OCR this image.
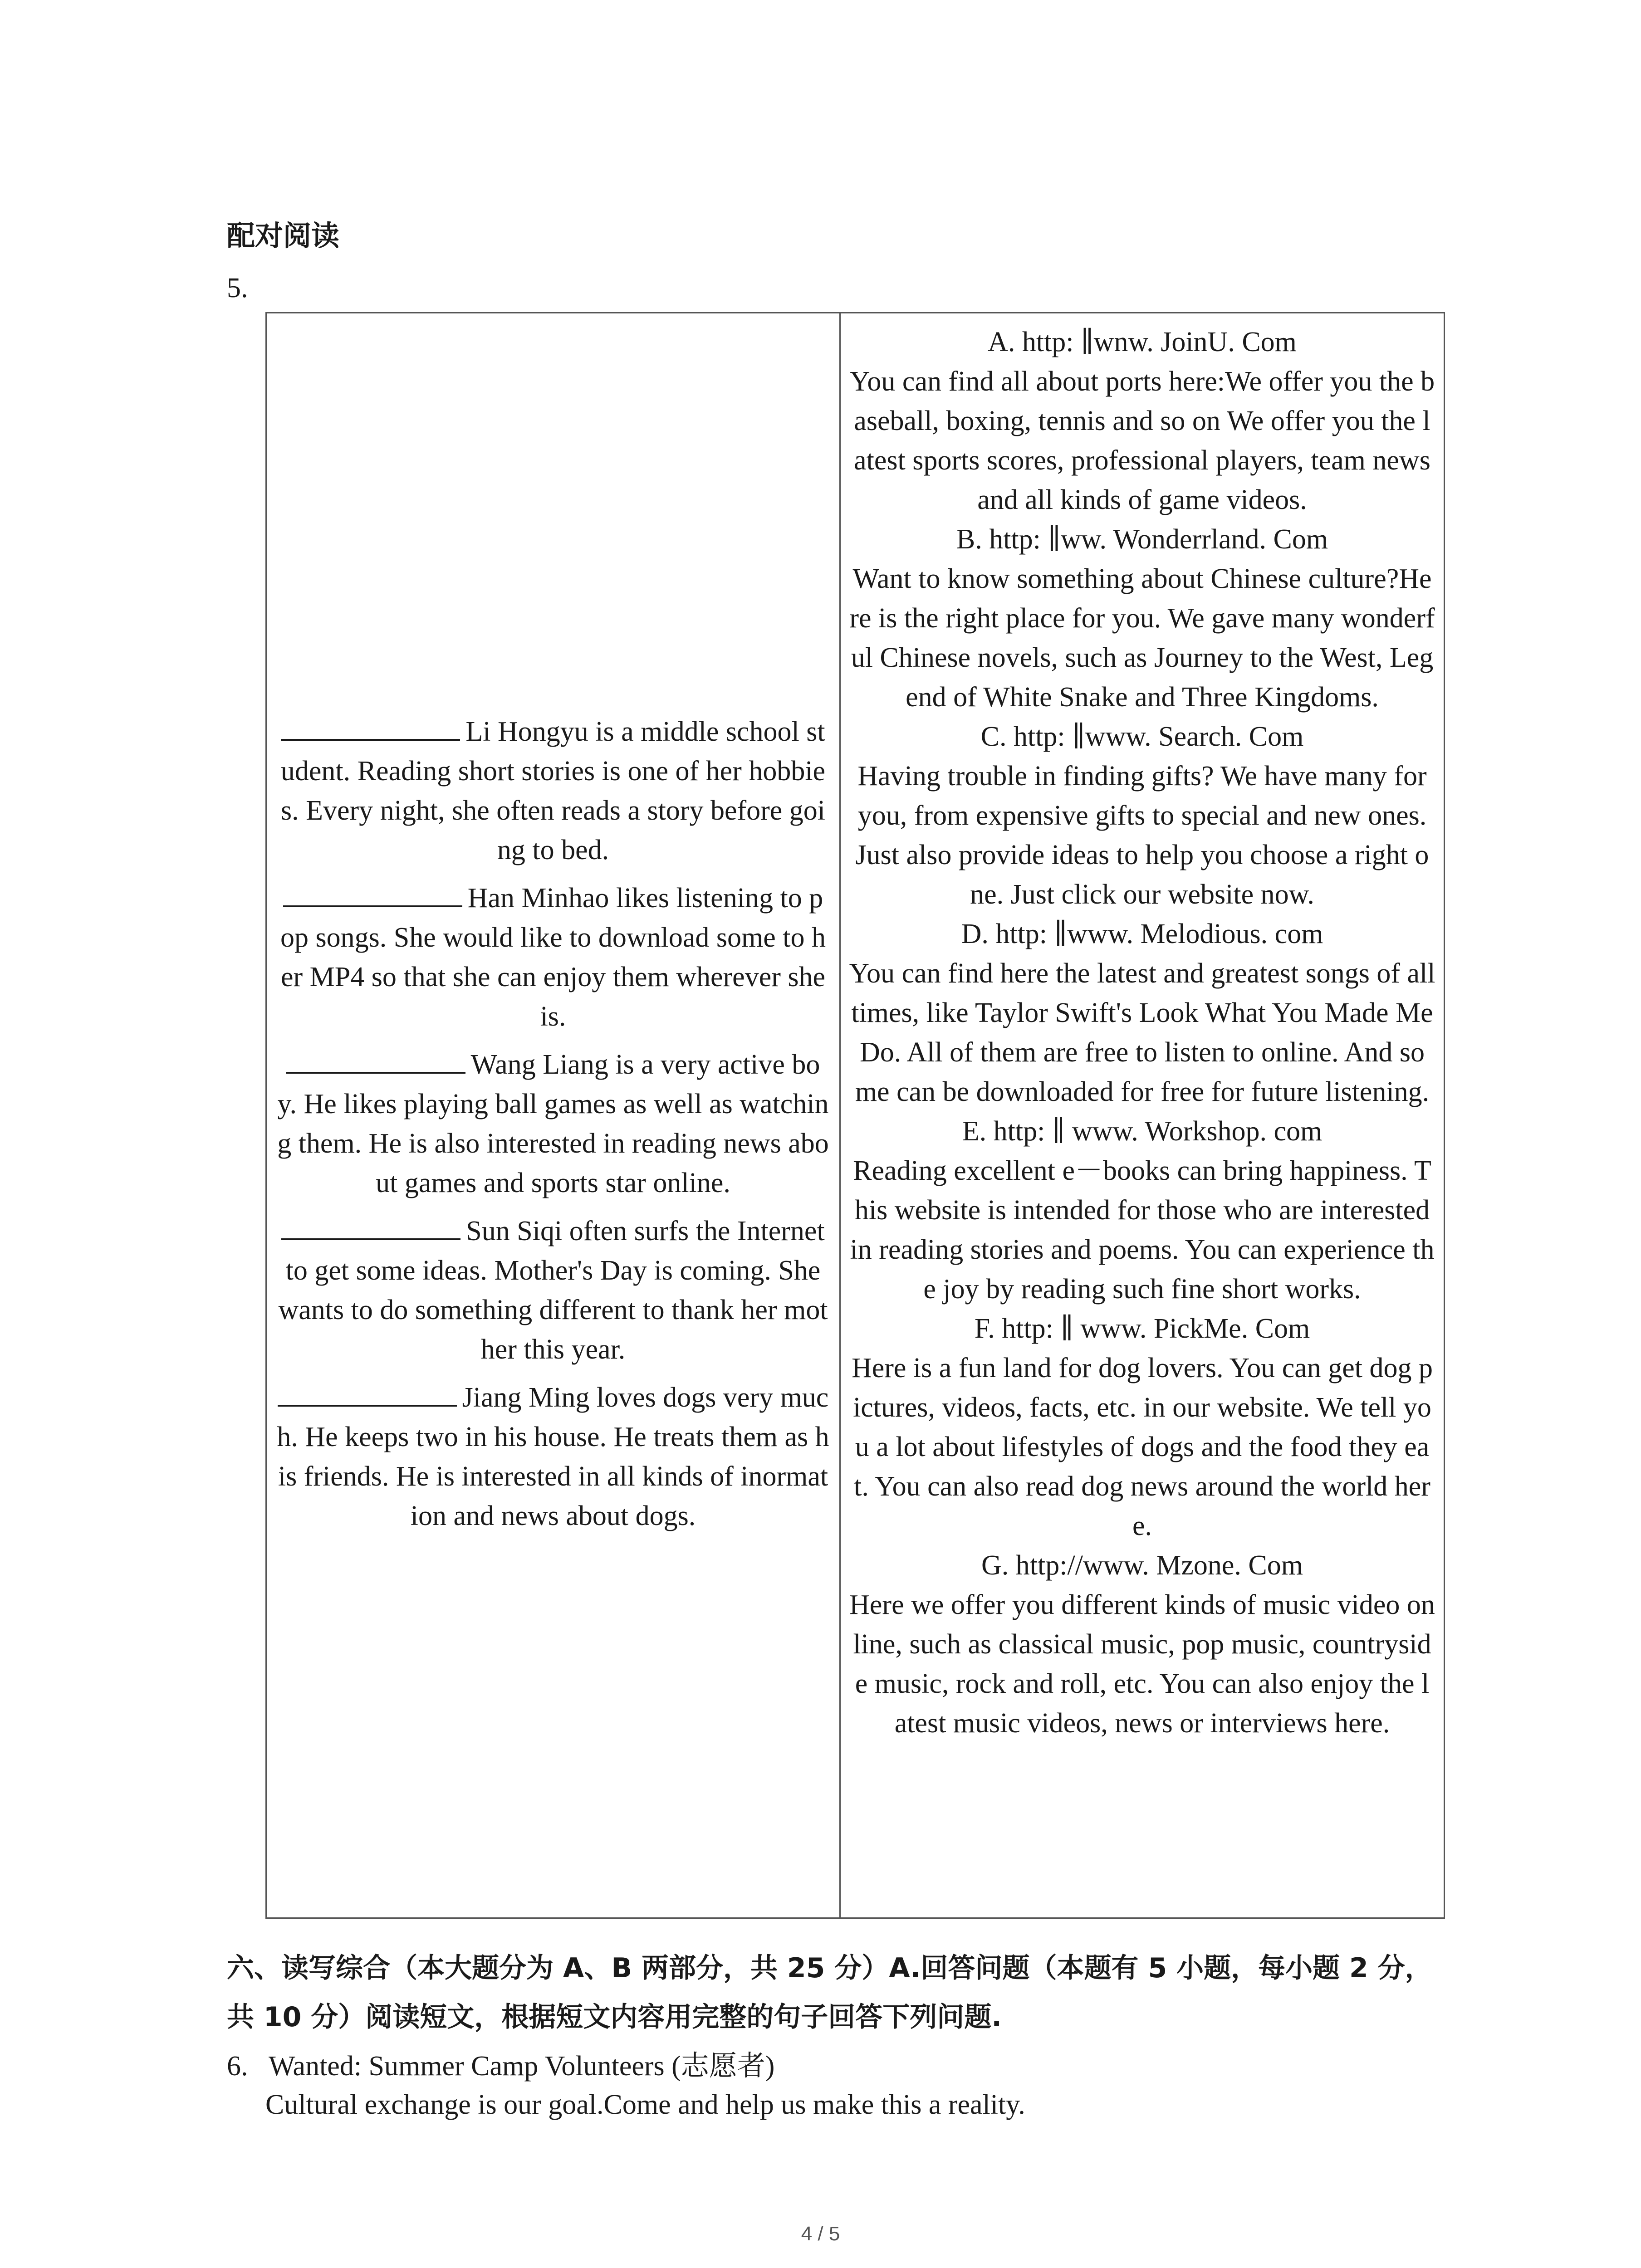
配对阅读
5.

Li Hongyu is a middle school student. Reading short stories is one of her hobbies. Every night, she often reads a story before going to bed.

Han Minhao likes listening to pop songs. She would like to download some to her MP4 so that she can enjoy them wherever she is.

Wang Liang is a very active boy. He likes playing ball games as well as watching them. He is also interested in reading news about games and sports star online.

Sun Siqi often surfs the Internet to get some ideas. Mother's Day is coming. She wants to do something different to thank her mother this year.

Jiang Ming loves dogs very much. He keeps two in his house. He treats them as his friends. He is interested in all kinds of inormation and news about dogs.

A. http: ∥wnw. JoinU. Com

You can find all about ports here:We offer you the baseball, boxing, tennis and so on We offer you the latest sports scores, professional players, team news and all kinds of game videos.

B. http: ∥ww. Wonderrland. Com

Want to know something about Chinese culture?Here is the right place for you. We gave many wonderful Chinese novels, such as Journey to the West, Legend of White Snake and Three Kingdoms.

C. http: ∥www. Search. Com

Having trouble in finding gifts? We have many for you, from expensive gifts to special and new ones. Just also provide ideas to help you choose a right one. Just click our website now.

D. http: ∥www. Melodious. com

You can find here the latest and greatest songs of all times, like Taylor Swift's Look What You Made Me Do. All of them are free to listen to online. And some can be downloaded for free for future listening.

E. http: ∥ www. Workshop. com

Reading excellent e－books can bring happiness. This website is intended for those who are interested in reading stories and poems. You can experience the joy by reading such fine short works.

F. http: ∥ www. PickMe. Com

Here is a fun land for dog lovers. You can get dog pictures, videos, facts, etc. in our website. We tell you a lot about lifestyles of dogs and the food they eat. You can also read dog news around the world here.

G. http://www. Mzone. Com

Here we offer you different kinds of music video online, such as classical music, pop music, countryside music, rock and roll, etc. You can also enjoy the latest music videos, news or interviews here.

六、读写综合（本大题分为 A、B 两部分，共 25 分）A.回答问题（本题有 5 小题，每小题 2 分，共 10 分）阅读短文，根据短文内容用完整的句子回答下列问题.
6. Wanted: Summer Camp Volunteers (志愿者)
Cultural exchange is our goal.Come and help us make this a reality.
4 / 5
